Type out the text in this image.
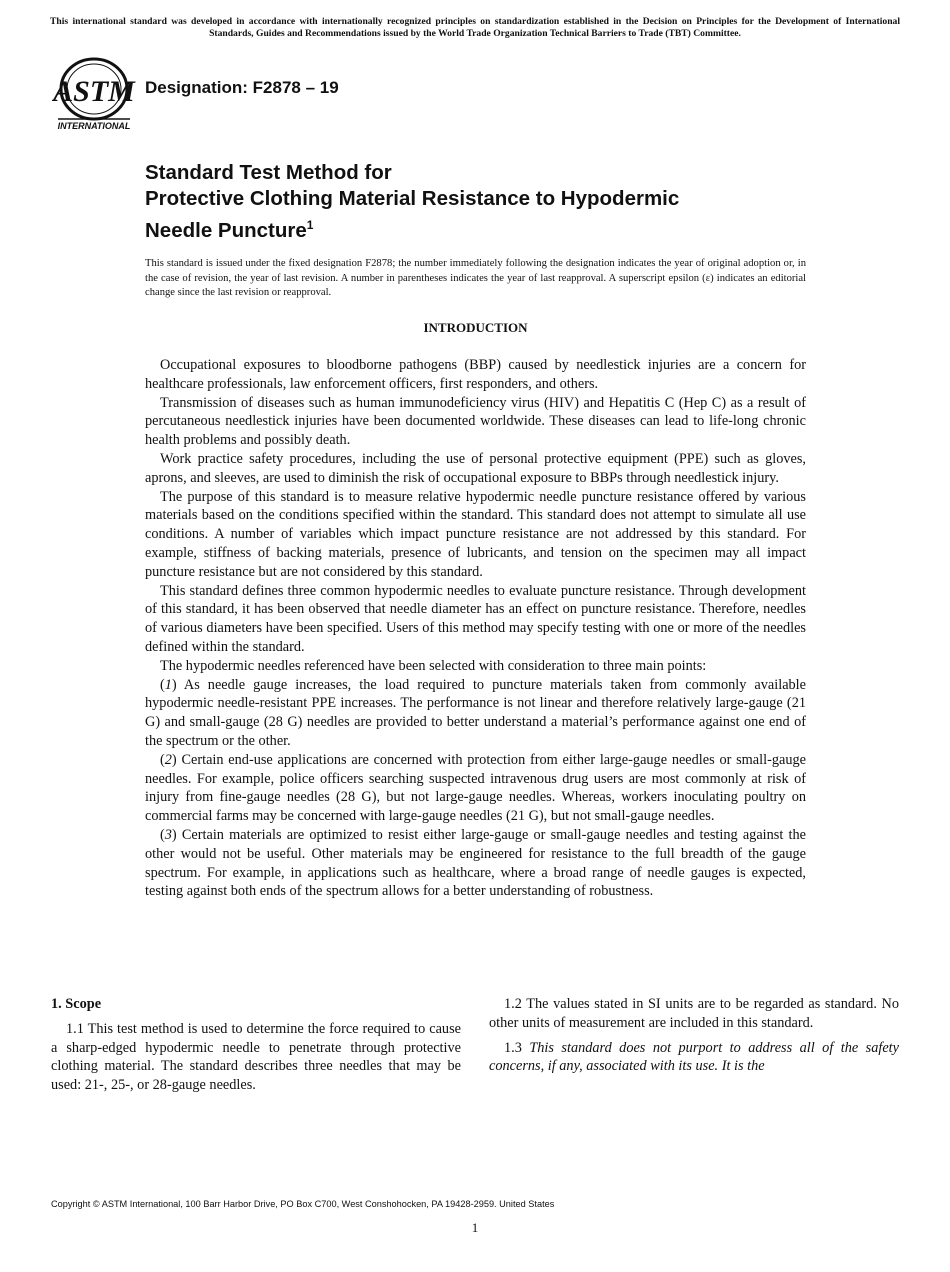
This international standard was developed in accordance with internationally recognized principles on standardization established in the Decision on Principles for the Development of International Standards, Guides and Recommendations issued by the World Trade Organization Technical Barriers to Trade (TBT) Committee.
ASTM
INTERNATIONAL
Designation: F2878 – 19
Standard Test Method for
Protective Clothing Material Resistance to Hypodermic
Needle Puncture$^1$
This standard is issued under the fixed designation F2878; the number immediately following the designation indicates the year of original adoption or, in the case of revision, the year of last revision. A number in parentheses indicates the year of last reapproval. A superscript epsilon (ε) indicates an editorial change since the last revision or reapproval.
INTRODUCTION

Occupational exposures to bloodborne pathogens (BBP) caused by needlestick injuries are a concern for healthcare professionals, law enforcement officers, first responders, and others.

Transmission of diseases such as human immunodeficiency virus (HIV) and Hepatitis C (Hep C) as a result of percutaneous needlestick injuries have been documented worldwide. These diseases can lead to life-long chronic health problems and possibly death.

Work practice safety procedures, including the use of personal protective equipment (PPE) such as gloves, aprons, and sleeves, are used to diminish the risk of occupational exposure to BBPs through needlestick injury.

The purpose of this standard is to measure relative hypodermic needle puncture resistance offered by various materials based on the conditions specified within the standard. This standard does not attempt to simulate all use conditions. A number of variables which impact puncture resistance are not addressed by this standard. For example, stiffness of backing materials, presence of lubricants, and tension on the specimen may all impact puncture resistance but are not considered by this standard.

This standard defines three common hypodermic needles to evaluate puncture resistance. Through development of this standard, it has been observed that needle diameter has an effect on puncture resistance. Therefore, needles of various diameters have been specified. Users of this method may specify testing with one or more of the needles defined within the standard.

The hypodermic needles referenced have been selected with consideration to three main points:

(1) As needle gauge increases, the load required to puncture materials taken from commonly available hypodermic needle-resistant PPE increases. The performance is not linear and therefore relatively large-gauge (21 G) and small-gauge (28 G) needles are provided to better understand a material’s performance against one end of the spectrum or the other.

(2) Certain end-use applications are concerned with protection from either large-gauge needles or small-gauge needles. For example, police officers searching suspected intravenous drug users are most commonly at risk of injury from fine-gauge needles (28 G), but not large-gauge needles. Whereas, workers inoculating poultry on commercial farms may be concerned with large-gauge needles (21 G), but not small-gauge needles.

(3) Certain materials are optimized to resist either large-gauge or small-gauge needles and testing against the other would not be useful. Other materials may be engineered for resistance to the full breadth of the gauge spectrum. For example, in applications such as healthcare, where a broad range of needle gauges is expected, testing against both ends of the spectrum allows for a better understanding of robustness.

1. Scope

1.1 This test method is used to determine the force required to cause a sharp-edged hypodermic needle to penetrate through protective clothing material. The standard describes three needles that may be used: 21-, 25-, or 28-gauge needles.

1.2 The values stated in SI units are to be regarded as standard. No other units of measurement are included in this standard.

1.3 This standard does not purport to address all of the safety concerns, if any, associated with its use. It is the

Copyright © ASTM International, 100 Barr Harbor Drive, PO Box C700, West Conshohocken, PA 19428-2959. United States
1
